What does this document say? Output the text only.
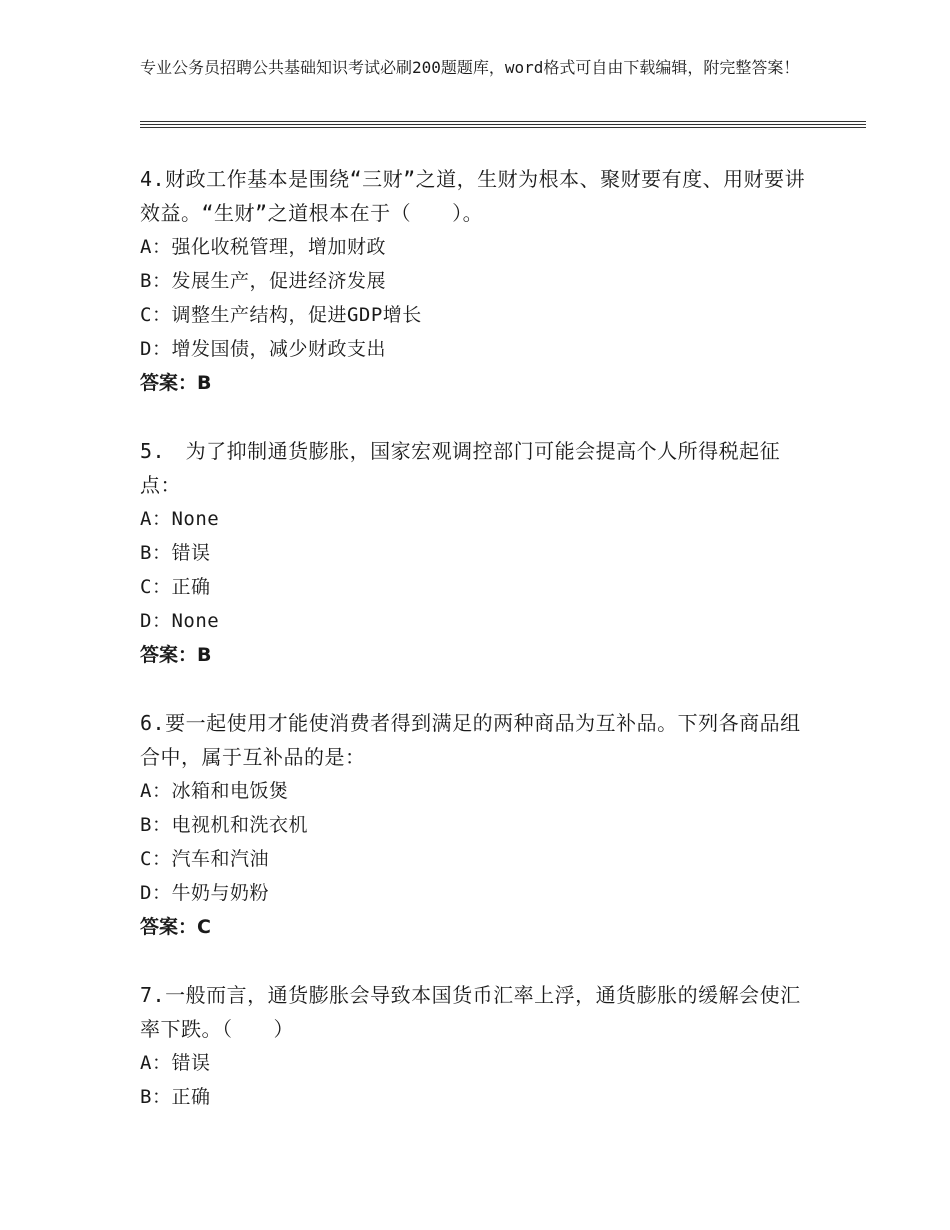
专业公务员招聘公共基础知识考试必刷200题题库，word格式可自由下载编辑，附完整答案！

4.财政工作基本是围绕“三财”之道，生财为根本、聚财要有度、用财要讲效益。“生财”之道根本在于（　　）。

A：强化收税管理，增加财政

B：发展生产，促进经济发展

C：调整生产结构，促进GDP增长

D：增发国债，减少财政支出

答案：B

5.　为了抑制通货膨胀，国家宏观调控部门可能会提高个人所得税起征点：

A：None

B：错误

C：正确

D：None

答案：B

6.要一起使用才能使消费者得到满足的两种商品为互补品。下列各商品组合中，属于互补品的是：

A：冰箱和电饭煲

B：电视机和洗衣机

C：汽车和汽油

D：牛奶与奶粉

答案：C

7.一般而言，通货膨胀会导致本国货币汇率上浮，通货膨胀的缓解会使汇率下跌。（　　）

A：错误

B：正确
